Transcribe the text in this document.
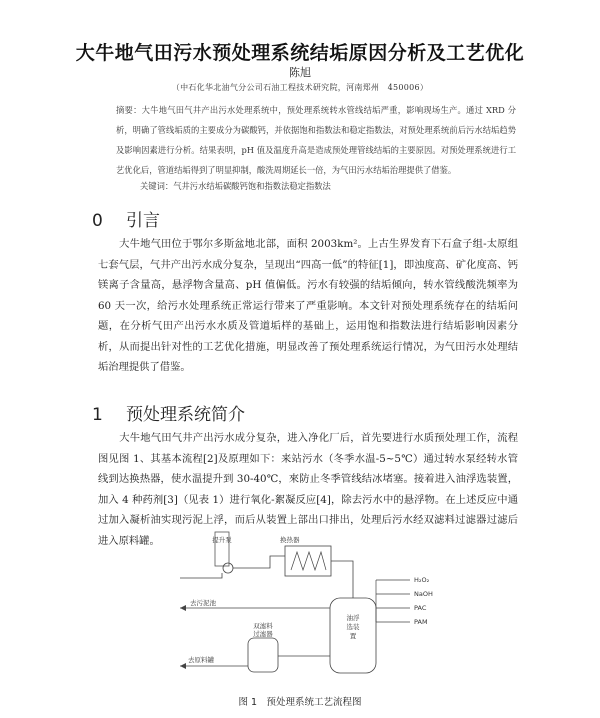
大牛地气田污水预处理系统结垢原因分析及工艺优化
陈旭
（中石化华北油气分公司石油工程技术研究院，河南郑州　450006）
摘要：大牛地气田气井产出污水处理系统中，预处理系统转水管线结垢严重，影响现场生产。通过 XRD 分析，明确了管线垢质的主要成分为碳酸钙，并依据饱和指数法和稳定指数法，对预处理系统前后污水结垢趋势及影响因素进行分析。结果表明，pH 值及温度升高是造成预处理管线结垢的主要原因。对预处理系统进行工艺优化后，管道结垢得到了明显抑制，酸洗周期延长一倍，为气田污水结垢治理提供了借鉴。
关键词：气井污水结垢碳酸钙饱和指数法稳定指数法
0 引言
大牛地气田位于鄂尔多斯盆地北部，面积 2003km²。上古生界发育下石盒子组-太原组七套气层，气井产出污水成分复杂，呈现出“四高一低”的特征[1]，即浊度高、矿化度高、钙镁离子含量高，悬浮物含量高、pH 值偏低。污水有较强的结垢倾向，转水管线酸洗频率为 60 天一次，给污水处理系统正常运行带来了严重影响。本文针对预处理系统存在的结垢问题，在分析气田产出污水水质及管道垢样的基础上，运用饱和指数法进行结垢影响因素分析，从而提出针对性的工艺优化措施，明显改善了预处理系统运行情况，为气田污水处理结垢治理提供了借鉴。
1 预处理系统简介
大牛地气田气井产出污水成分复杂，进入净化厂后，首先要进行水质预处理工作，流程图见图 1、其基本流程[2]及原理如下：来站污水（冬季水温-5~5℃）通过转水泵经转水管线到达换热器，使水温提升到 30-40℃，來防止冬季管线结冰堵塞。接着进入油浮选装置，加入 4 种药剂[3]（见表 1）进行氧化-絮凝反应[4]，除去污水中的悬浮物。在上述反应中通过加入凝析油实现污泥上浮，而后从装置上部出口排出，处理后污水经双滤料过滤器过滤后进入原料罐。	提升泵	换热器
去污泥池
油浮选装置
H₂O₂
NaOH
PAC
PAM
双滤料过滤器
去原料罐
图 1　预处理系统工艺流程图
